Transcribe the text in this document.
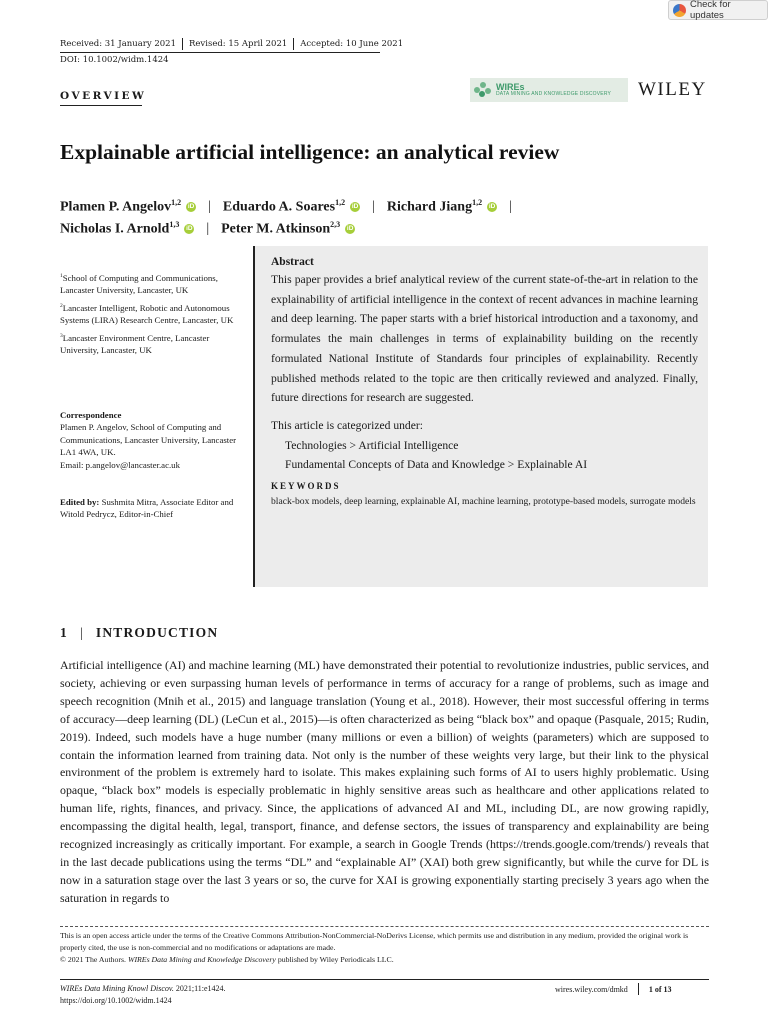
Check for updates
Received: 31 January 2021 Revised: 15 April 2021 Accepted: 10 June 2021
DOI: 10.1002/widm.1424
OVERVIEW
WIREs
DATA MINING AND KNOWLEDGE DISCOVERY WILEY
Explainable artificial intelligence: an analytical review
Plamen P. Angelov$^{1,2}$ iD | Eduardo A. Soares$^{1,2}$ iD | Richard Jiang$^{1,2}$ iD |
Nicholas I. Arnold$^{1,3}$ iD | Peter M. Atkinson$^{2,3}$ iD
$^1$School of Computing and Communications, Lancaster University, Lancaster, UK
$^2$Lancaster Intelligent, Robotic and Autonomous Systems (LIRA) Research Centre, Lancaster, UK
$^3$Lancaster Environment Centre, Lancaster University, Lancaster, UK
Correspondence
Plamen P. Angelov, School of Computing and Communications, Lancaster University, Lancaster LA1 4WA, UK.
Email: p.angelov@lancaster.ac.uk
Edited by: Sushmita Mitra, Associate Editor and Witold Pedrycz, Editor-in-Chief
Abstract
This paper provides a brief analytical review of the current state-of-the-art in relation to the explainability of artificial intelligence in the context of recent advances in machine learning and deep learning. The paper starts with a brief historical introduction and a taxonomy, and formulates the main challenges in terms of explainability building on the recently formulated National Institute of Standards four principles of explainability. Recently published methods related to the topic are then critically reviewed and analyzed. Finally, future directions for research are suggested.
This article is categorized under:
Technologies > Artificial Intelligence
Fundamental Concepts of Data and Knowledge > Explainable AI
KEYWORDS
black-box models, deep learning, explainable AI, machine learning, prototype-based models, surrogate models
1 | INTRODUCTION
Artificial intelligence (AI) and machine learning (ML) have demonstrated their potential to revolutionize industries, public services, and society, achieving or even surpassing human levels of performance in terms of accuracy for a range of problems, such as image and speech recognition (Mnih et al., 2015) and language translation (Young et al., 2018). However, their most successful offering in terms of accuracy—deep learning (DL) (LeCun et al., 2015)—is often characterized as being “black box” and opaque (Pasquale, 2015; Rudin, 2019). Indeed, such models have a huge number (many millions or even a billion) of weights (parameters) which are supposed to contain the information learned from training data. Not only is the number of these weights very large, but their link to the physical environment of the problem is extremely hard to isolate. This makes explaining such forms of AI to users highly problematic. Using opaque, “black box” models is especially problematic in highly sensitive areas such as healthcare and other applications related to human life, rights, finances, and privacy. Since, the applications of advanced AI and ML, including DL, are now growing rapidly, encompassing the digital health, legal, transport, finance, and defense sectors, the issues of transparency and explainability are being recognized increasingly as critically important. For example, a search in Google Trends (https://trends.google.com/trends/) reveals that in the last decade publications using the terms “DL” and “explainable AI” (XAI) both grew significantly, but while the curve for DL is now in a saturation stage over the last 3 years or so, the curve for XAI is growing exponentially starting precisely 3 years ago when the saturation in regards to
This is an open access article under the terms of the Creative Commons Attribution-NonCommercial-NoDerivs License, which permits use and distribution in any medium, provided the original work is properly cited, the use is non-commercial and no modifications or adaptations are made.
© 2021 The Authors. WIREs Data Mining and Knowledge Discovery published by Wiley Periodicals LLC.
WIREs Data Mining Knowl Discov. 2021;11:e1424.
https://doi.org/10.1002/widm.1424
wires.wiley.com/dmkd	1 of 13
